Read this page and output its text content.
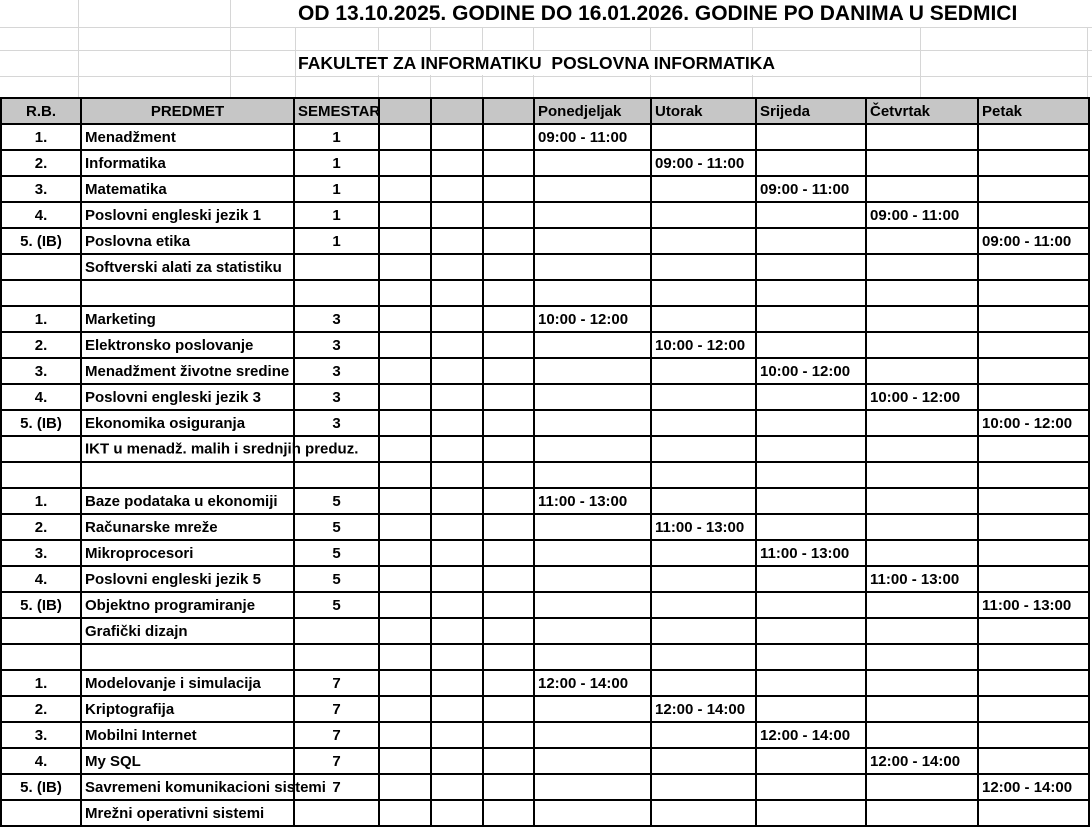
OD 13.10.2025. GODINE DO 16.01.2026. GODINE PO DANIMA U SEDMICI
FAKULTET ZA INFORMATIKU  POSLOVNA INFORMATIKA
R.B.	PREDMET	SEMESTAR				Ponedjeljak	Utorak	Srijeda	Četvrtak	Petak
1.	Menadžment	1				09:00 - 11:00				
2.	Informatika	1					09:00 - 11:00			
3.	Matematika	1						09:00 - 11:00		
4.	Poslovni engleski jezik 1	1							09:00 - 11:00	
5. (IB)	Poslovna etika	1								09:00 - 11:00
	Softverski alati za statistiku									

1.	Marketing	3				10:00 - 12:00				
2.	Elektronsko poslovanje	3					10:00 - 12:00			
3.	Menadžment životne sredine	3						10:00 - 12:00		
4.	Poslovni engleski jezik 3	3							10:00 - 12:00	
5. (IB)	Ekonomika osiguranja	3								10:00 - 12:00

	IKT u menadž. malih i srednjih preduz.									

1.	Baze podataka u ekonomiji	5				11:00 - 13:00				
2.	Računarske mreže	5					11:00 - 13:00			
3.	Mikroprocesori	5						11:00 - 13:00		
4.	Poslovni engleski jezik 5	5							11:00 - 13:00	
5. (IB)	Objektno programiranje	5								11:00 - 13:00
	Grafički dizajn									

1.	Modelovanje i simulacija	7				12:00 - 14:00				
2.	Kriptografija	7					12:00 - 14:00			
3.	Mobilni Internet	7						12:00 - 14:00		
4.	My SQL	7							12:00 - 14:00	
5. (IB)	Savremeni komunikacioni sistemi	7								12:00 - 14:00
	Mrežni operativni sistemi									
